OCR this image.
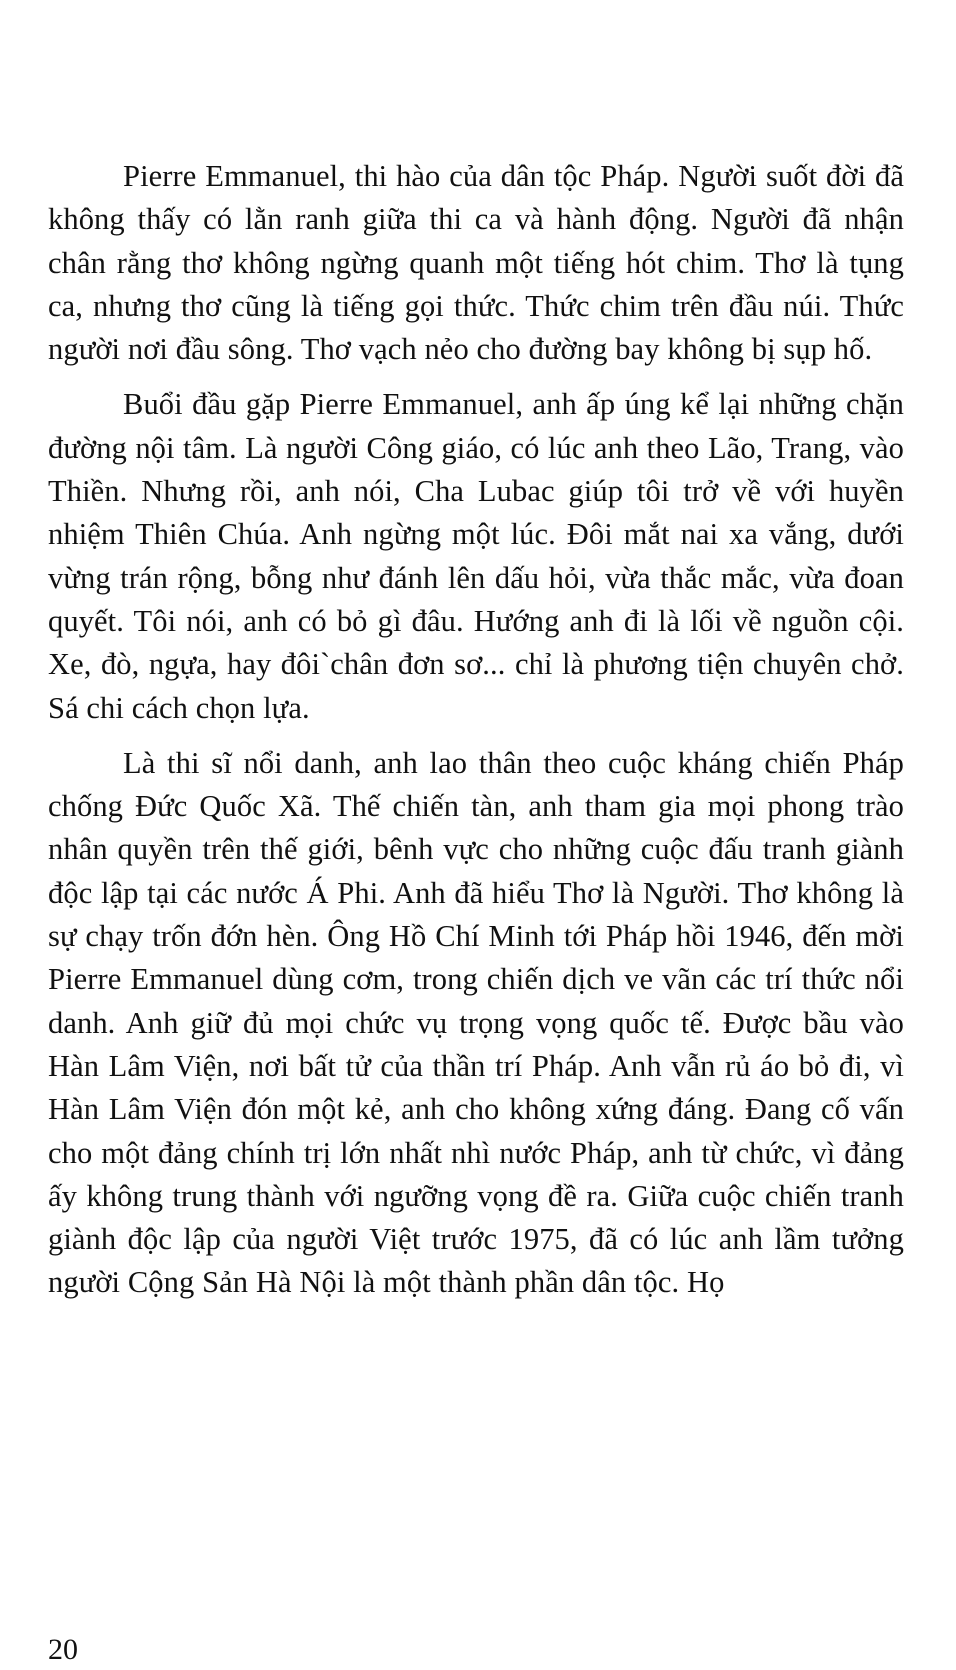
Pierre Emmanuel, thi hào của dân tộc Pháp. Người suốt đời đã không thấy có lằn ranh giữa thi ca và hành động. Người đã nhận chân rằng thơ không ngừng quanh một tiếng hót chim. Thơ là tụng ca, nhưng thơ cũng là tiếng gọi thức. Thức chim trên đầu núi. Thức người nơi đầu sông. Thơ vạch nẻo cho đường bay không bị sụp hố.

Buổi đầu gặp Pierre Emmanuel, anh ấp úng kể lại những chặn đường nội tâm. Là người Công giáo, có lúc anh theo Lão, Trang, vào Thiền. Nhưng rồi, anh nói, Cha Lubac giúp tôi trở về với huyền nhiệm Thiên Chúa. Anh ngừng một lúc. Đôi mắt nai xa vắng, dưới vừng trán rộng, bỗng như đánh lên dấu hỏi, vừa thắc mắc, vừa đoan quyết. Tôi nói, anh có bỏ gì đâu. Hướng anh đi là lối về nguồn cội. Xe, đò, ngựa, hay đôi`chân đơn sơ... chỉ là phương tiện chuyên chở. Sá chi cách chọn lựa.

Là thi sĩ nổi danh, anh lao thân theo cuộc kháng chiến Pháp chống Đức Quốc Xã. Thế chiến tàn, anh tham gia mọi phong trào nhân quyền trên thế giới, bênh vực cho những cuộc đấu tranh giành độc lập tại các nước Á Phi. Anh đã hiểu Thơ là Người. Thơ không là sự chạy trốn đớn hèn. Ông Hồ Chí Minh tới Pháp hồi 1946, đến mời Pierre Emmanuel dùng cơm, trong chiến dịch ve vãn các trí thức nổi danh. Anh giữ đủ mọi chức vụ trọng vọng quốc tế. Được bầu vào Hàn Lâm Viện, nơi bất tử của thần trí Pháp. Anh vẫn rủ áo bỏ đi, vì Hàn Lâm Viện đón một kẻ, anh cho không xứng đáng. Đang cố vấn cho một đảng chính trị lớn nhất nhì nước Pháp, anh từ chức, vì đảng ấy không trung thành với ngưỡng vọng đề ra. Giữa cuộc chiến tranh giành độc lập của người Việt trước 1975, đã có lúc anh lầm tưởng người Cộng Sản Hà Nội là một thành phần dân tộc. Họ

20
